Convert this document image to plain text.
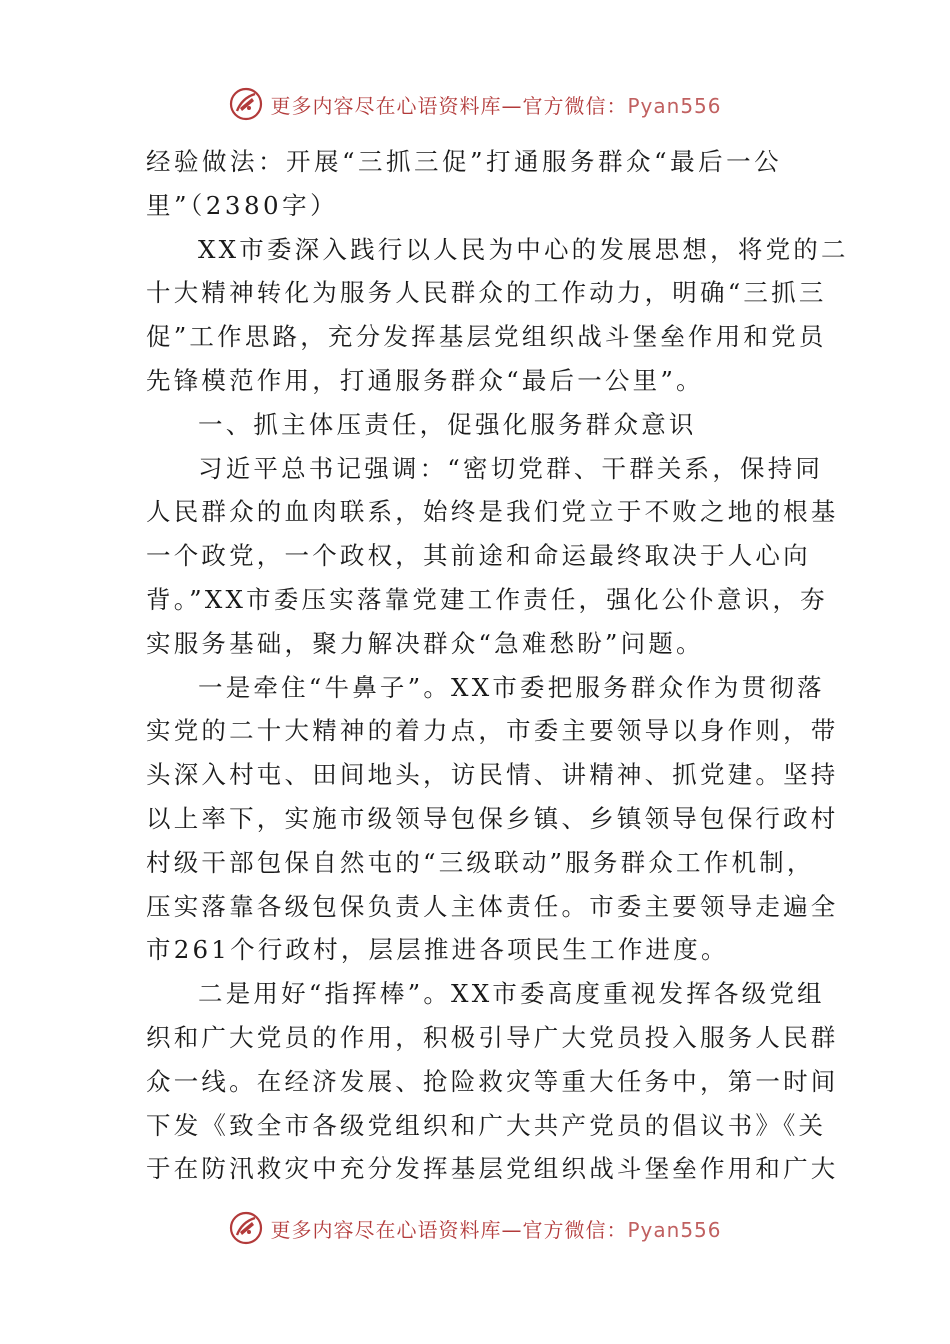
更多内容尽在心语资料库—官方微信：Pyan556
经验做法：开展“三抓三促”打通服务群众“最后一公
里”（2380字）
XX市委深入践行以人民为中心的发展思想，将党的二
十大精神转化为服务人民群众的工作动力，明确“三抓三
促”工作思路，充分发挥基层党组织战斗堡垒作用和党员
先锋模范作用，打通服务群众“最后一公里”。
一、抓主体压责任，促强化服务群众意识
习近平总书记强调：“密切党群、干群关系，保持同
人民群众的血肉联系，始终是我们党立于不败之地的根基
一个政党，一个政权，其前途和命运最终取决于人心向
背。”XX市委压实落靠党建工作责任，强化公仆意识，夯
实服务基础，聚力解决群众“急难愁盼”问题。
一是牵住“牛鼻子”。XX市委把服务群众作为贯彻落
实党的二十大精神的着力点，市委主要领导以身作则，带
头深入村屯、田间地头，访民情、讲精神、抓党建。坚持
以上率下，实施市级领导包保乡镇、乡镇领导包保行政村
村级干部包保自然屯的“三级联动”服务群众工作机制，
压实落靠各级包保负责人主体责任。市委主要领导走遍全
市261个行政村，层层推进各项民生工作进度。
二是用好“指挥棒”。XX市委高度重视发挥各级党组
织和广大党员的作用，积极引导广大党员投入服务人民群
众一线。在经济发展、抢险救灾等重大任务中，第一时间
下发《致全市各级党组织和广大共产党员的倡议书》《关
于在防汛救灾中充分发挥基层党组织战斗堡垒作用和广大
更多内容尽在心语资料库—官方微信：Pyan556
